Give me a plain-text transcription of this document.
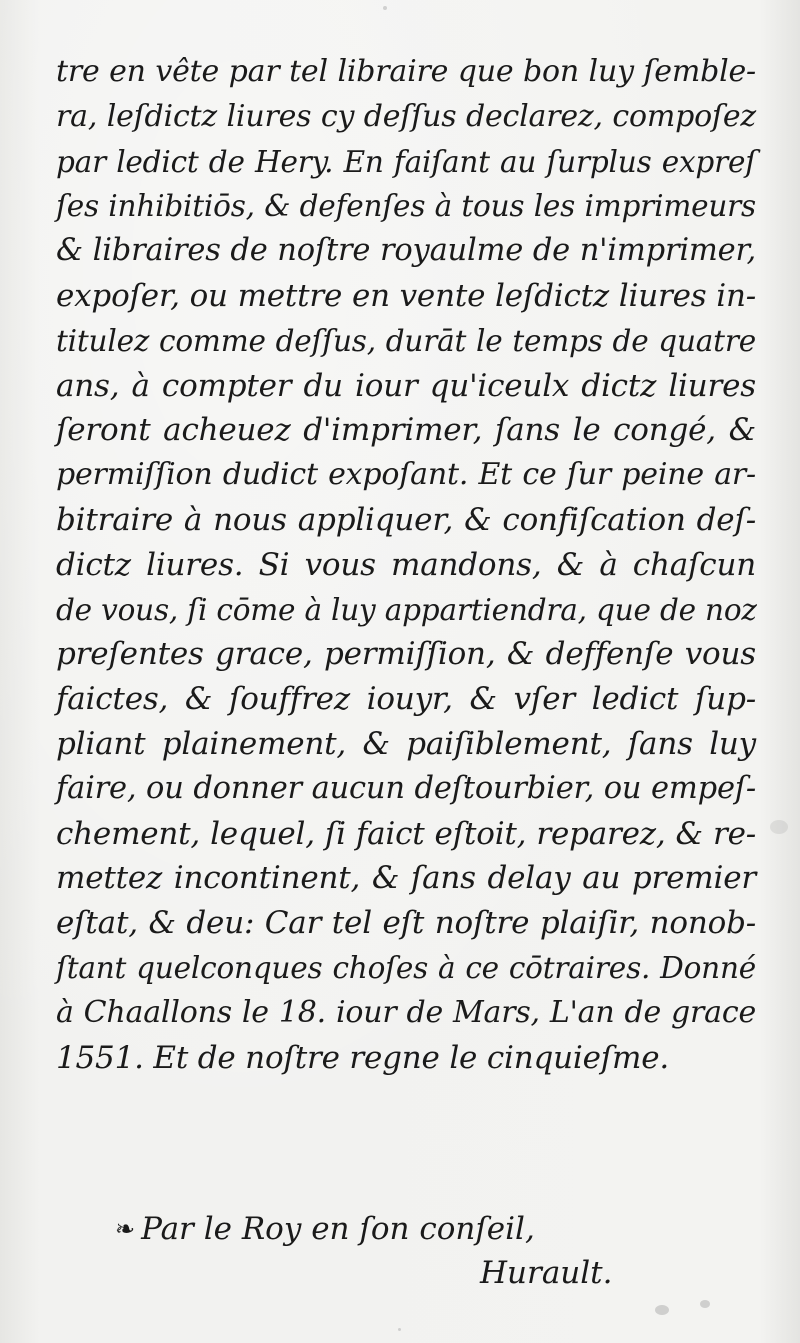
tre en vête par tel libraire que bon luy ſemble-
ra, leſdictz liures cy deſſus declarez, compoſez
par ledict de Hery. En faiſant au ſurplus expreſ
ſes inhibitiōs, & defenſes à tous les imprimeurs
& libraires de noſtre royaulme de n'imprimer,
expoſer, ou mettre en vente leſdictz liures in-
titulez comme deſſus, durāt le temps de quatre
ans, à compter du iour qu'iceulx dictz liures
ſeront acheuez d'imprimer, ſans le congé, &
permiſſion dudict expoſant. Et ce ſur peine ar-
bitraire à nous appliquer, & confiſcation deſ-
dictz liures. Si vous mandons, & à chaſcun
de vous, ſi cōme à luy appartiendra, que de noz
preſentes grace, permiſſion, & deffenſe vous
faictes, & ſouffrez iouyr, & vſer ledict ſup-
pliant plainement, & paiſiblement, ſans luy
faire, ou donner aucun deſtourbier, ou empeſ-
chement, lequel, ſi faict eſtoit, reparez, & re-
mettez incontinent, & ſans delay au premier
eſtat, & deu: Car tel eſt noſtre plaiſir, nonob-
ſtant quelconques choſes à ce cōtraires. Donné
à Chaallons le 18. iour de Mars, L'an de grace
1551. Et de noſtre regne le cinquieſme.
❧ Par le Roy en ſon conſeil,
Hurault.
